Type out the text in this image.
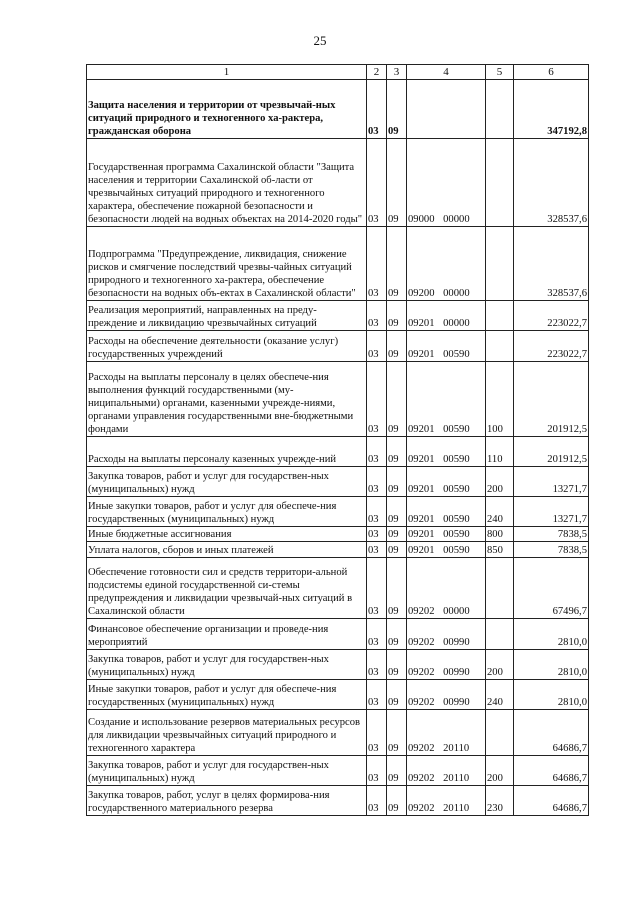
25
1	2	3	4	5	6
Защита населения и территории от чрезвычай-ных ситуаций природного и техногенного ха-рактера, гражданская оборона	03	09			347192,8
Государственная программа Сахалинской области "Защита населения и территории Сахалинской об-ласти от чрезвычайных ситуаций природного и техногенного характера, обеспечение пожарной безопасности и безопасности людей на водных объектах на 2014-2020 годы"	03	09	09000 00000		328537,6
Подпрограмма "Предупреждение, ликвидация, снижение рисков и смягчение последствий чрезвы-чайных ситуаций природного и техногенного ха-рактера, обеспечение безопасности на водных объ-ектах в Сахалинской области"	03	09	09200 00000		328537,6
Реализация мероприятий, направленных на преду-преждение и ликвидацию чрезвычайных ситуаций	03	09	09201 00000		223022,7
Расходы на обеспечение деятельности (оказание услуг) государственных учреждений	03	09	09201 00590		223022,7
Расходы на выплаты персоналу в целях обеспече-ния выполнения функций государственными (му-ниципальными) органами, казенными учрежде-ниями, органами управления государственными вне-бюджетными фондами	03	09	09201 00590	100	201912,5
Расходы на выплаты персоналу казенных учрежде-ний	03	09	09201 00590	110	201912,5
Закупка товаров, работ и услуг для государствен-ных (муниципальных) нужд	03	09	09201 00590	200	13271,7
Иные закупки товаров, работ и услуг для обеспече-ния государственных (муниципальных) нужд	03	09	09201 00590	240	13271,7
Иные бюджетные ассигнования	03	09	09201 00590	800	7838,5
Уплата налогов, сборов и иных платежей	03	09	09201 00590	850	7838,5
Обеспечение готовности сил и средств территори-альной подсистемы единой государственной си-стемы предупреждения и ликвидации чрезвычай-ных ситуаций в Сахалинской области	03	09	09202 00000		67496,7
Финансовое обеспечение организации и проведе-ния мероприятий	03	09	09202 00990		2810,0
Закупка товаров, работ и услуг для государствен-ных (муниципальных) нужд	03	09	09202 00990	200	2810,0
Иные закупки товаров, работ и услуг для обеспече-ния государственных (муниципальных) нужд	03	09	09202 00990	240	2810,0
Создание и использование резервов материальных ресурсов для ликвидации чрезвычайных ситуаций природного и техногенного характера	03	09	09202 20110		64686,7
Закупка товаров, работ и услуг для государствен-ных (муниципальных) нужд	03	09	09202 20110	200	64686,7
Закупка товаров, работ, услуг в целях формирова-ния государственного материального резерва	03	09	09202 20110	230	64686,7
